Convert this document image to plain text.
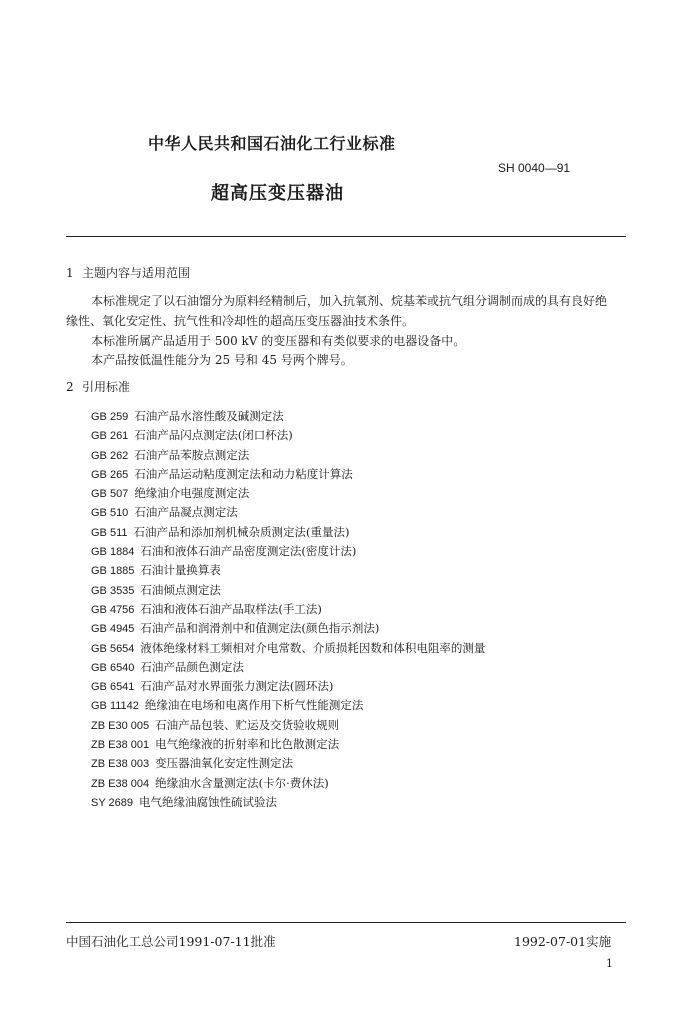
中华人民共和国石油化工行业标准
SH 0040—91
超高压变压器油
1 主题内容与适用范围
本标准规定了以石油馏分为原料经精制后，加入抗氧剂、烷基苯或抗气组分调制而成的具有良好绝
缘性、氧化安定性、抗气性和冷却性的超高压变压器油技术条件。
本标准所属产品适用于 500 kV 的变压器和有类似要求的电器设备中。
本产品按低温性能分为 25 号和 45 号两个牌号。
2 引用标准
GB 259 石油产品水溶性酸及碱测定法
GB 261 石油产品闪点测定法(闭口杯法)
GB 262 石油产品苯胺点测定法
GB 265 石油产品运动粘度测定法和动力粘度计算法
GB 507 绝缘油介电强度测定法
GB 510 石油产品凝点测定法
GB 511 石油产品和添加剂机械杂质测定法(重量法)
GB 1884 石油和液体石油产品密度测定法(密度计法)
GB 1885 石油计量换算表
GB 3535 石油倾点测定法
GB 4756 石油和液体石油产品取样法(手工法)
GB 4945 石油产品和润滑剂中和值测定法(颜色指示剂法)
GB 5654 液体绝缘材料工频相对介电常数、介质损耗因数和体积电阻率的测量
GB 6540 石油产品颜色测定法
GB 6541 石油产品对水界面张力测定法(圆环法)
GB 11142 绝缘油在电场和电离作用下析气性能测定法
ZB E30 005 石油产品包装、贮运及交货验收规则
ZB E38 001 电气绝缘液的折射率和比色散测定法
ZB E38 003 变压器油氧化安定性测定法
ZB E38 004 绝缘油水含量测定法(卡尔·费休法)
SY 2689 电气绝缘油腐蚀性硫试验法
中国石油化工总公司1991-07-11批准	1992-07-01实施
1
